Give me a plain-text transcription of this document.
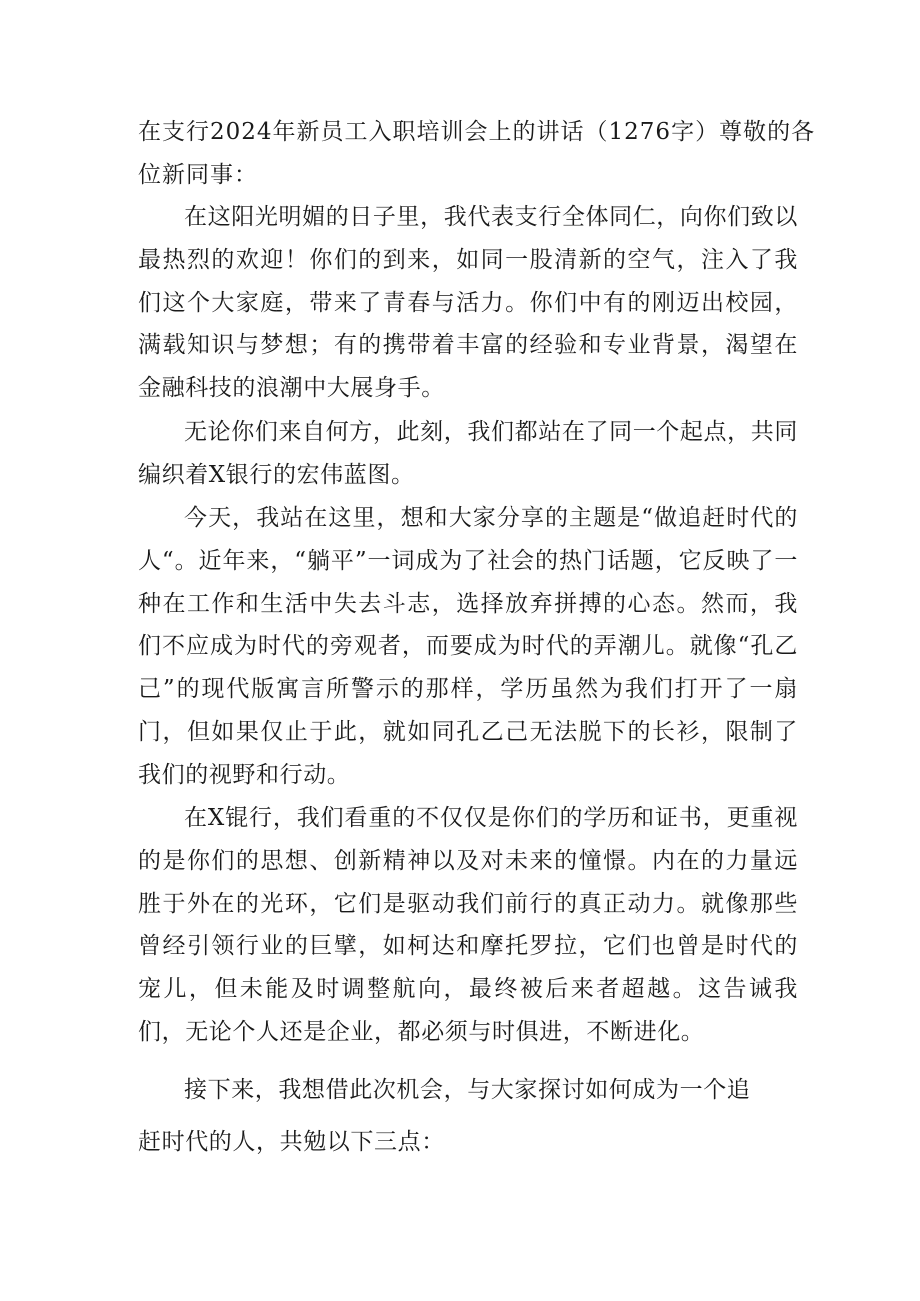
在支行2024年新员工入职培训会上的讲话（1276字）尊敬的各
位新同事：

在这阳光明媚的日子里，我代表支行全体同仁，向你们致以最热烈的欢迎！你们的到来，如同一股清新的空气，注入了我们这个大家庭，带来了青春与活力。你们中有的刚迈出校园，满载知识与梦想；有的携带着丰富的经验和专业背景，渴望在金融科技的浪潮中大展身手。

无论你们来自何方，此刻，我们都站在了同一个起点，共同编织着X银行的宏伟蓝图。

今天，我站在这里，想和大家分享的主题是“做追赶时代的人“。近年来，“躺平”一词成为了社会的热门话题，它反映了一种在工作和生活中失去斗志，选择放弃拼搏的心态。然而，我们不应成为时代的旁观者，而要成为时代的弄潮儿。就像“孔乙己”的现代版寓言所警示的那样，学历虽然为我们打开了一扇门，但如果仅止于此，就如同孔乙己无法脱下的长衫，限制了我们的视野和行动。

在X锟行，我们看重的不仅仅是你们的学历和证书，更重视的是你们的思想、创新精神以及对未来的憧憬。内在的力量远胜于外在的光环，它们是驱动我们前行的真正动力。就像那些曾经引领行业的巨擘，如柯达和摩托罗拉，它们也曾是时代的宠儿，但未能及时调整航向，最终被后来者超越。这告诫我们，无论个人还是企业，都必须与时俱进，不断进化。

接下来，我想借此次机会，与大家探讨如何成为一个追
赶时代的人，共勉以下三点：
